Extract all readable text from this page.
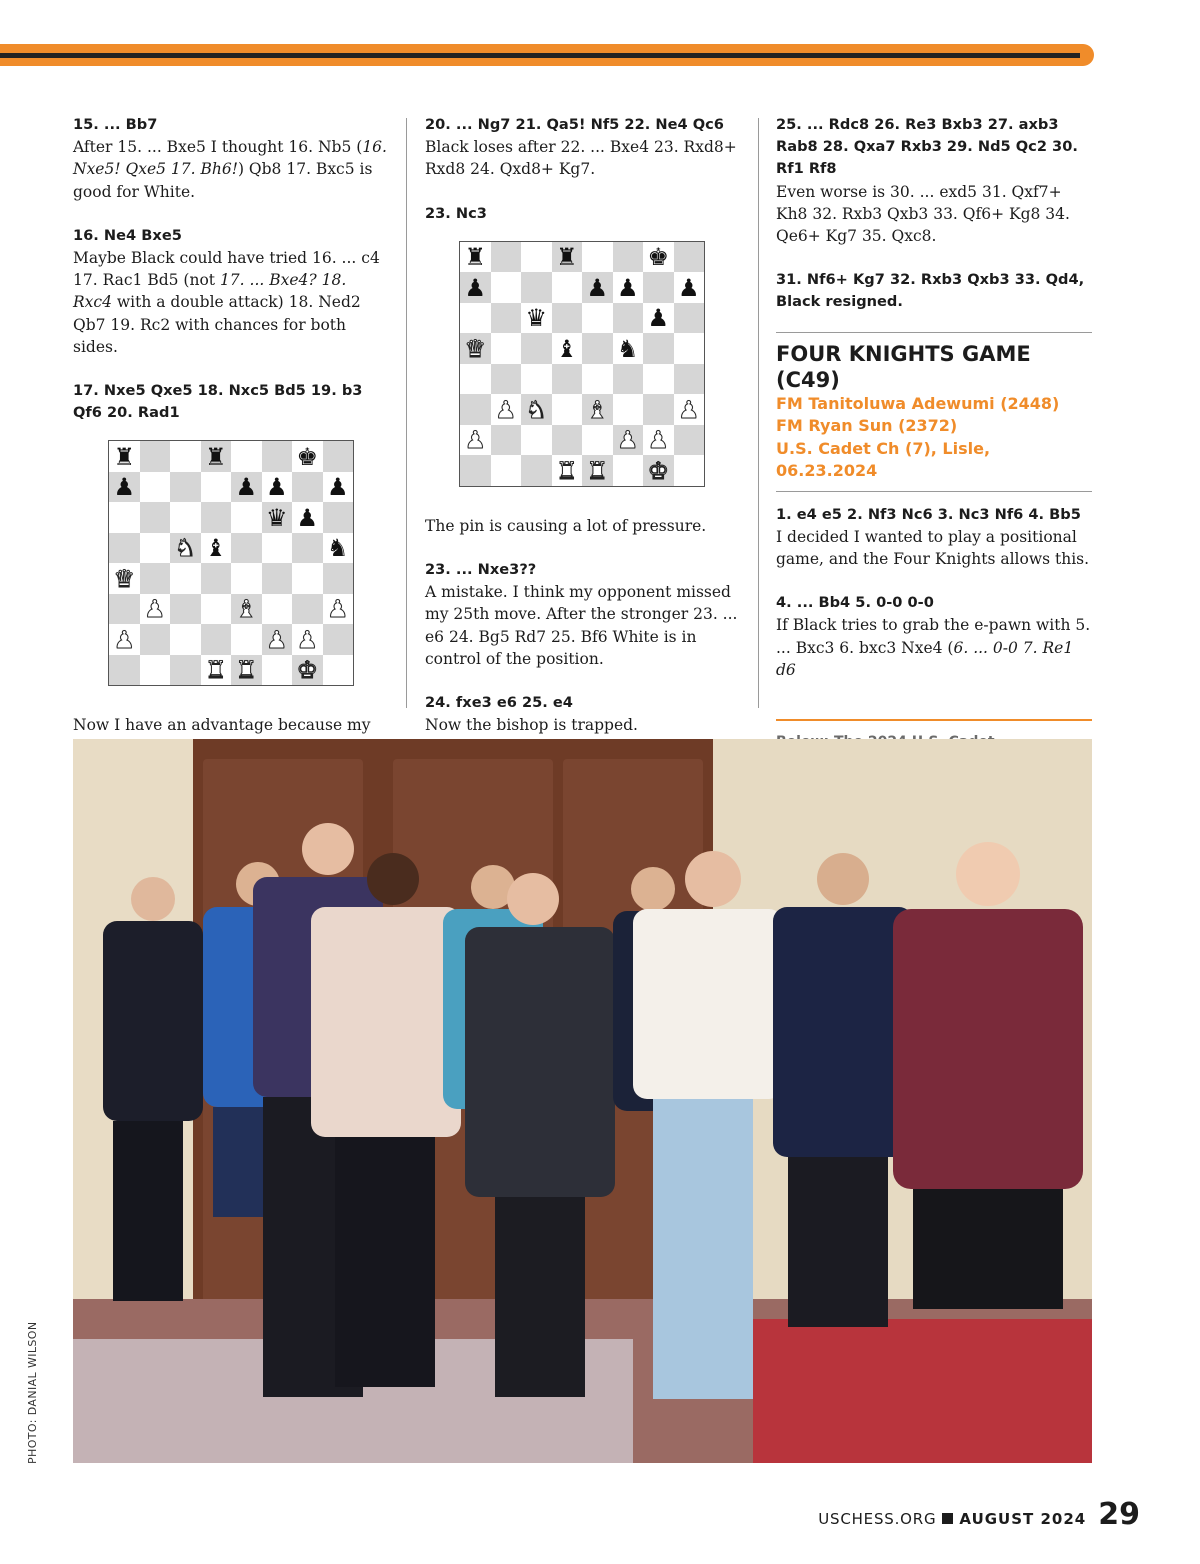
15. ... Bb7

After 15. ... Bxe5 I thought 16. Nb5 (16. Nxe5! Qxe5 17. Bh6!) Qb8 17. Bxc5 is good for White.

16. Ne4 Bxe5

Maybe Black could have tried 16. ... c4 17. Rac1 Bd5 (not 17. ... Bxe4? 18. Rxc4 with a double attack) 18. Ned2 Qb7 19. Rc2 with chances for both sides.

17. Nxe5 Qxe5 18. Nxc5 Bd5 19. b3 Qf6 20. Rad1

♜	♜	♚
♟	♟ ♟ ♟
♛ ♟
♞ ♝	♞
♛
♟	♝	♟
♟	♟ ♟
♜ ♜ ♚

Now I have an advantage because my

20. ... Ng7 21. Qa5! Nf5 22. Ne4 Qc6

Black loses after 22. ... Bxe4 23. Rxd8+ Rxd8 24. Qxd8+ Kg7.

23. Nc3

♜	♜	♚
♟	♟ ♟ ♟
♛	♟
♛	♝ ♞
♟ ♞ ♝	♟
♟	♟ ♟
♜ ♜ ♚

The pin is causing a lot of pressure.

23. ... Nxe3??

A mistake. I think my opponent missed my 25th move. After the stronger 23. ... e6 24. Bg5 Rd7 25. Bf6 White is in control of the position.

24. fxe3 e6 25. e4

Now the bishop is trapped.

25. ... Rdc8 26. Re3 Bxb3 27. axb3 Rab8 28. Qxa7 Rxb3 29. Nd5 Qc2 30. Rf1 Rf8

Even worse is 30. ... exd5 31. Qxf7+ Kh8 32. Rxb3 Qxb3 33. Qf6+ Kg8 34. Qe6+ Kg7 35. Qxc8.

31. Nf6+ Kg7 32. Rxb3 Qxb3 33. Qd4, Black resigned.

FOUR KNIGHTS GAME (C49)

FM Tanitoluwa Adewumi (2448)

FM Ryan Sun (2372)

U.S. Cadet Ch (7), Lisle, 06.23.2024

1. e4 e5 2. Nf3 Nc6 3. Nc3 Nf6 4. Bb5

I decided I wanted to play a positional game, and the Four Knights allows this.

4. ... Bb4 5. 0-0 0-0

If Black tries to grab the e-pawn with 5. ... Bxc3 6. bxc3 Nxe4 (6. ... 0-0 7. Re1 d6

PHOTO: DANIAL WILSON
USCHESS.ORG AUGUST 2024 29
